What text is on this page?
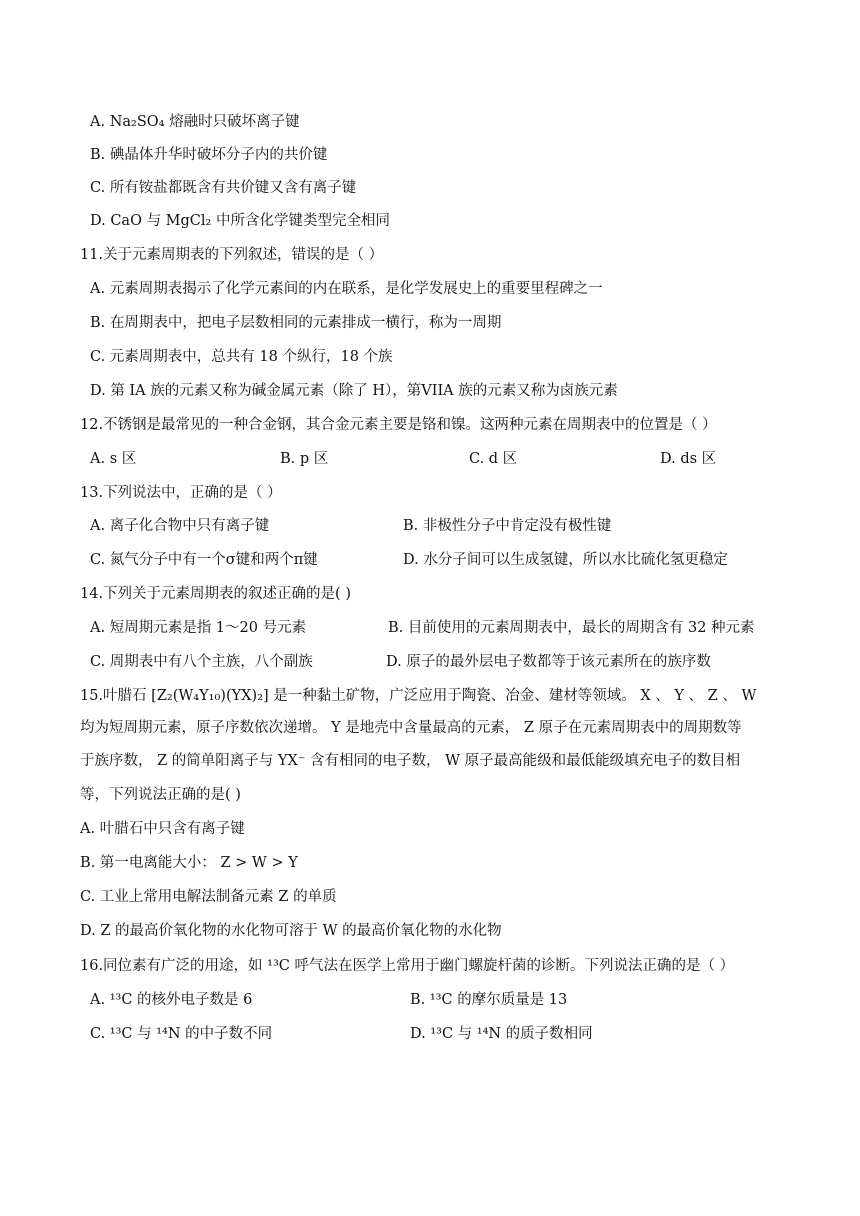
A. Na₂SO₄ 熔融时只破坏离子键
B. 碘晶体升华时破坏分子内的共价键
C. 所有铵盐都既含有共价键又含有离子键
D. CaO 与 MgCl₂ 中所含化学键类型完全相同
11.关于元素周期表的下列叙述，错误的是（ ）
A. 元素周期表揭示了化学元素间的内在联系，是化学发展史上的重要里程碑之一
B. 在周期表中，把电子层数相同的元素排成一横行，称为一周期
C. 元素周期表中，总共有 18 个纵行，18 个族
D. 第 IA 族的元素又称为碱金属元素（除了 H），第VIIA 族的元素又称为卤族元素
12.不锈钢是最常见的一种合金钢，其合金元素主要是铬和镍。这两种元素在周期表中的位置是（ ）
A. s 区	B. p 区	C. d 区	D. ds 区
13.下列说法中，正确的是（ ）
A. 离子化合物中只有离子键	B. 非极性分子中肯定没有极性键
C. 氮气分子中有一个σ键和两个π键	D. 水分子间可以生成氢键，所以水比硫化氢更稳定
14.下列关于元素周期表的叙述正确的是( )
A. 短周期元素是指 1～20 号元素	B. 目前使用的元素周期表中，最长的周期含有 32 种元素
C. 周期表中有八个主族，八个副族	D. 原子的最外层电子数都等于该元素所在的族序数
15.叶腊石 [Z₂(W₄Y₁₀)(YX)₂] 是一种黏土矿物，广泛应用于陶瓷、冶金、建材等领域。 X 、 Y 、 Z 、 W
均为短周期元素，原子序数依次递增。 Y 是地壳中含量最高的元素， Z 原子在元素周期表中的周期数等
于族序数， Z 的简单阳离子与 YX⁻ 含有相同的电子数， W 原子最高能级和最低能级填充电子的数目相
等，下列说法正确的是( )
A. 叶腊石中只含有离子键
B. 第一电离能大小： Z > W > Y
C. 工业上常用电解法制备元素 Z 的单质
D. Z 的最高价氧化物的水化物可溶于 W 的最高价氧化物的水化物
16.同位素有广泛的用途，如 ¹³C 呼气法在医学上常用于幽门螺旋杆菌的诊断。下列说法正确的是（ ）
A. ¹³C 的核外电子数是 6	B. ¹³C 的摩尔质量是 13
C. ¹³C 与 ¹⁴N 的中子数不同	D. ¹³C 与 ¹⁴N 的质子数相同
